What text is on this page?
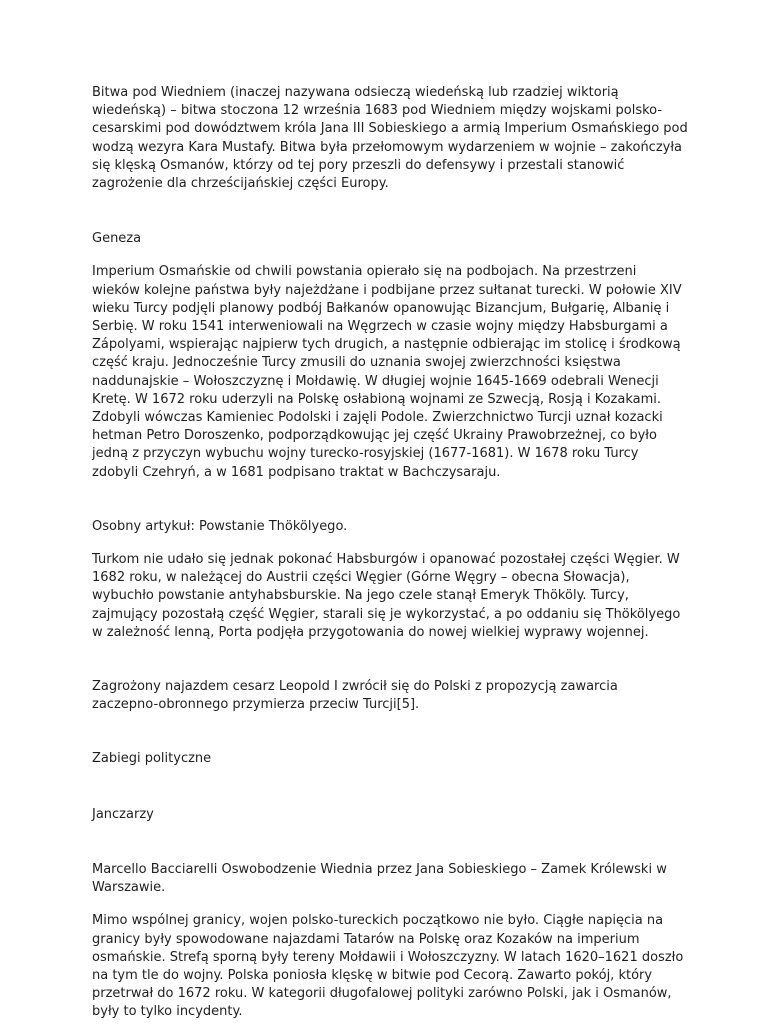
Bitwa pod Wiedniem (inaczej nazywana odsieczą wiedeńską lub rzadziej wiktorią wiedeńską) – bitwa stoczona 12 września 1683 pod Wiedniem między wojskami polsko-cesarskimi pod dowództwem króla Jana III Sobieskiego a armią Imperium Osmańskiego pod wodzą wezyra Kara Mustafy. Bitwa była przełomowym wydarzeniem w wojnie – zakończyła się klęską Osmanów, którzy od tej pory przeszli do defensywy i przestali stanowić zagrożenie dla chrześcijańskiej części Europy.

Geneza

Imperium Osmańskie od chwili powstania opierało się na podbojach. Na przestrzeni wieków kolejne państwa były najeżdżane i podbijane przez sułtanat turecki. W połowie XIV wieku Turcy podjęli planowy podbój Bałkanów opanowując Bizancjum, Bułgarię, Albanię i Serbię. W roku 1541 interweniowali na Węgrzech w czasie wojny między Habsburgami a Zápolyami, wspierając najpierw tych drugich, a następnie odbierając im stolicę i środkową część kraju. Jednocześnie Turcy zmusili do uznania swojej zwierzchności księstwa naddunajskie – Wołoszczyznę i Mołdawię. W długiej wojnie 1645-1669 odebrali Wenecji Kretę. W 1672 roku uderzyli na Polskę osłabioną wojnami ze Szwecją, Rosją i Kozakami. Zdobyli wówczas Kamieniec Podolski i zajęli Podole. Zwierzchnictwo Turcji uznał kozacki hetman Petro Doroszenko, podporządkowując jej część Ukrainy Prawobrzeżnej, co było jedną z przyczyn wybuchu wojny turecko-rosyjskiej (1677-1681). W 1678 roku Turcy zdobyli Czehryń, a w 1681 podpisano traktat w Bachczysaraju.

Osobny artykuł: Powstanie Thökölyego.

Turkom nie udało się jednak pokonać Habsburgów i opanować pozostałej części Węgier. W 1682 roku, w należącej do Austrii części Węgier (Górne Węgry – obecna Słowacja), wybuchło powstanie antyhabsburskie. Na jego czele stanął Emeryk Thököly. Turcy, zajmujący pozostałą część Węgier, starali się je wykorzystać, a po oddaniu się Thökölyego w zależność lenną, Porta podjęła przygotowania do nowej wielkiej wyprawy wojennej.

Zagrożony najazdem cesarz Leopold I zwrócił się do Polski z propozycją zawarcia zaczepno-obronnego przymierza przeciw Turcji[5].

Zabiegi polityczne

Janczarzy

Marcello Bacciarelli Oswobodzenie Wiednia przez Jana Sobieskiego – Zamek Królewski w Warszawie.

Mimo wspólnej granicy, wojen polsko-tureckich początkowo nie było. Ciągłe napięcia na granicy były spowodowane najazdami Tatarów na Polskę oraz Kozaków na imperium osmańskie. Strefą sporną były tereny Mołdawii i Wołoszczyzny. W latach 1620–1621 doszło na tym tle do wojny. Polska poniosła klęskę w bitwie pod Cecorą. Zawarto pokój, który przetrwał do 1672 roku. W kategorii długofalowej polityki zarówno Polski, jak i Osmanów, były to tylko incydenty.
